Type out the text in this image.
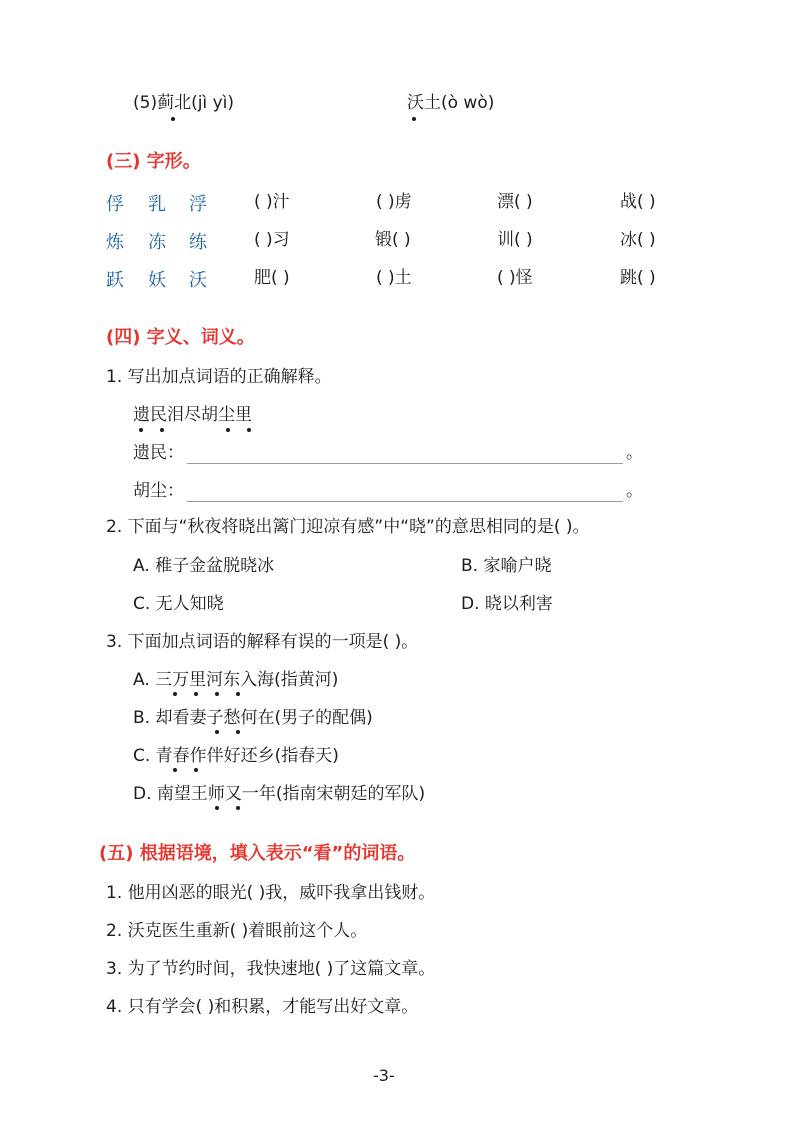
(5)蓟北(jì yì)	沃土(ò wò)
(三) 字形。
俘 乳 浮	( )汁	( )虏	漂( )	战( )
炼 冻 练	( )习	锻( )	训( )	冰( )
跃 妖 沃	肥( )	( )土	( )怪	跳( )
(四) 字义、词义。
1. 写出加点词语的正确解释。
遗民泪尽胡尘里
遗民：	。
胡尘：	。
2. 下面与“秋夜将晓出篱门迎凉有感”中“晓”的意思相同的是( )。
A. 稚子金盆脱晓冰	B. 家喻户晓
C. 无人知晓	D. 晓以利害
3. 下面加点词语的解释有误的一项是( )。
A. 三万里河东入海(指黄河)
B. 却看妻子愁何在(男子的配偶)
C. 青春作伴好还乡(指春天)
D. 南望王师又一年(指南宋朝廷的军队)
(五) 根据语境，填入表示“看”的词语。
1. 他用凶恶的眼光( )我，威吓我拿出钱财。
2. 沃克医生重新( )着眼前这个人。
3. 为了节约时间，我快速地( )了这篇文章。
4. 只有学会( )和积累，才能写出好文章。
-3-
